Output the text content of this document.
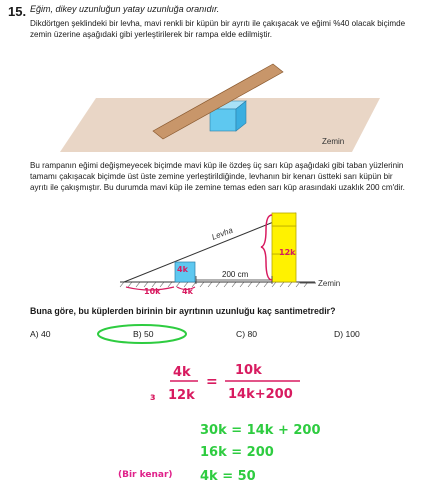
15. Eğim, dikey uzunluğun yatay uzunluğa oranıdır.
Dikdörtgen şeklindeki bir levha, mavi renkli bir küpün bir ayrıtı ile çakışacak ve eğimi %40 olacak biçimde zemin üzerine aşağıdaki gibi yerleştirilerek bir rampa elde edilmiştir.
Bu rampanın eğimi değişmeyecek biçimde mavi küp ile özdeş üç sarı küp aşağıdaki gibi taban yüzlerinin tamamı çakışacak biçimde üst üste zemine yerleştirildiğinde, levhanın bir kenarı üstteki sarı küpün bir ayrıtı ile çakışmıştır. Bu durumda mavi küp ile zemine temas eden sarı küp arasındaki uzaklık 200 cm'dir.
Buna göre, bu küplerden birinin bir ayrıtının uzunluğu kaç santimetredir?
A) 40	B) 50	C) 80	D) 100
Zemin
Levha
200 cm
Zemin
10k	4k
4k
12k
4k
12k
=
10k
14k+200
ɜ
30k = 14k + 200
16k = 200
(Bir kenar) 4k = 50
